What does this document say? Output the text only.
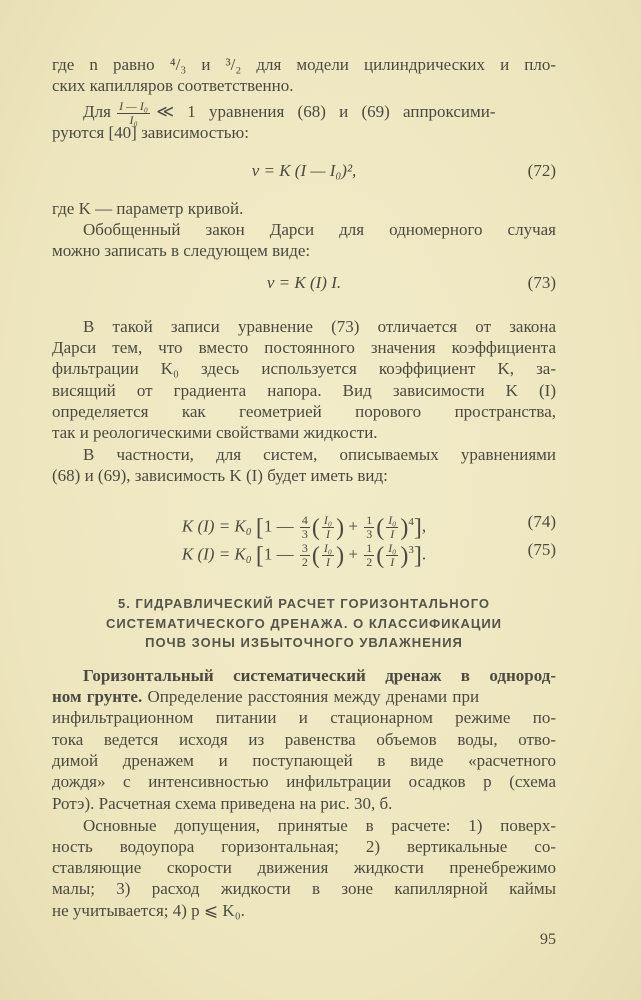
где n равно ⁴/₃ и ³/₂ для модели цилиндрических и пло-
ских капилляров соответственно.
Для $\frac{\text{I — I₀}}{\text{I₀}}$ ≪ 1 уравнения (68) и (69) аппроксими-
руются [40] зависимостью:
v = K (I — I₀)²,	(72)
где K — параметр кривой.
Обобщенный закон Дарси для одномерного случая
можно записать в следующем виде:
v = K (I) I.	(73)
В такой записи уравнение (73) отличается от закона
Дарси тем, что вместо постоянного значения коэффициента
фильтрации K₀ здесь используется коэффициент K, за-
висящий от градиента напора. Вид зависимости K (I)
определяется как геометрией порового пространства,
так и реологическими свойствами жидкости.
В частности, для систем, описываемых уравнениями
(68) и (69), зависимость K (I) будет иметь вид:
K (I) = K₀ [1 — $\frac{4}{3}$ ( $\frac{\text{I₀}}{I}$ ) + $\frac{1}{3}$ ( $\frac{\text{I₀}}{I} )^4$],	(74)
K (I) = K₀ [1 — $\frac{3}{2}$ ( $\frac{\text{I₀}}{I}$ ) + $\frac{1}{2}$ ( $\frac{\text{I₀}}{I} )^3$].	(75)
5. ГИДРАВЛИЧЕСКИЙ РАСЧЕТ ГОРИЗОНТАЛЬНОГО
СИСТЕМАТИЧЕСКОГО ДРЕНАЖА. О КЛАССИФИКАЦИИ
ПОЧВ ЗОНЫ ИЗБЫТОЧНОГО УВЛАЖНЕНИЯ
Горизонтальный систематический дренаж в однород-
ном грунте. Определение расстояния между дренами при
инфильтрационном питании и стационарном режиме по-
тока ведется исходя из равенства объемов воды, отво-
димой дренажем и поступающей в виде «расчетного
дождя» с интенсивностью инфильтрации осадков p (схема
Ротэ). Расчетная схема приведена на рис. 30, б.
Основные допущения, принятые в расчете: 1) поверх-
ность водоупора горизонтальная; 2) вертикальные со-
ставляющие скорости движения жидкости пренебрежимо
малы; 3) расход жидкости в зоне капиллярной каймы
не учитывается; 4) p ⩽ K₀.
95
